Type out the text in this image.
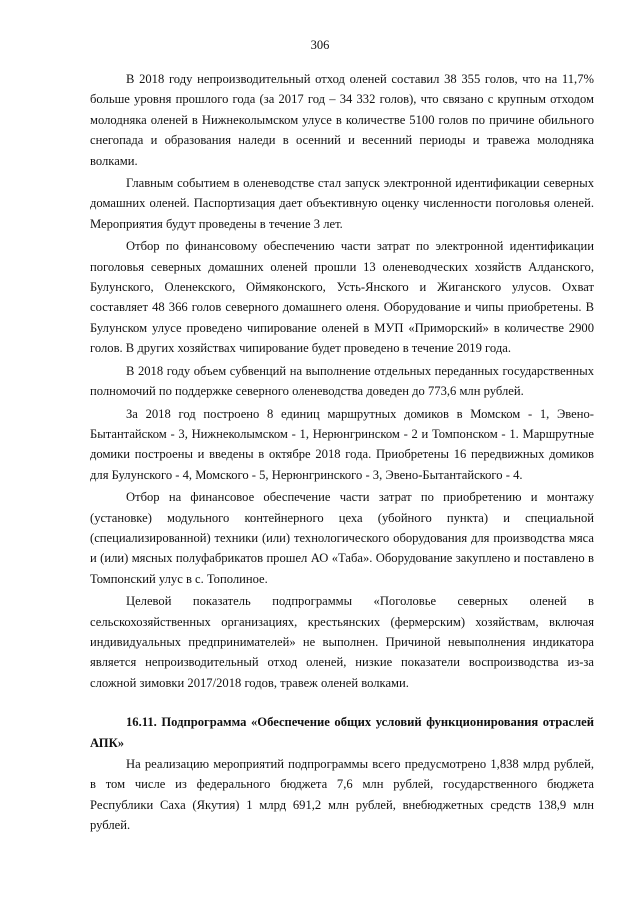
306

В 2018 году непроизводительный отход оленей составил 38 355 голов, что на 11,7% больше уровня прошлого года (за 2017 год – 34 332 голов), что связано с крупным отходом молодняка оленей в Нижнеколымском улусе в количестве 5100 голов по причине обильного снегопада и образования наледи в осенний и весенний периоды и травежа молодняка волками.

Главным событием в оленеводстве стал запуск электронной идентификации северных домашних оленей. Паспортизация дает объективную оценку численности поголовья оленей. Мероприятия будут проведены в течение 3 лет.

Отбор по финансовому обеспечению части затрат по электронной идентификации поголовья северных домашних оленей прошли 13 оленеводческих хозяйств Алданского, Булунского, Оленекского, Оймяконского, Усть-Янского и Жиганского улусов. Охват составляет 48 366 голов северного домашнего оленя. Оборудование и чипы приобретены. В Булунском улусе проведено чипирование оленей в МУП «Приморский» в количестве 2900 голов. В других хозяйствах чипирование будет проведено в течение 2019 года.

В 2018 году объем субвенций на выполнение отдельных переданных государственных полномочий по поддержке северного оленеводства доведен до 773,6 млн рублей.

За 2018 год построено 8 единиц маршрутных домиков в Момском - 1, Эвено-Бытантайском - 3, Нижнеколымском - 1, Нерюнгринском - 2 и Томпонском - 1. Маршрутные домики построены и введены в октябре 2018 года. Приобретены 16 передвижных домиков для Булунского - 4, Момского - 5, Нерюнгринского - 3, Эвено-Бытантайского - 4.

Отбор на финансовое обеспечение части затрат по приобретению и монтажу (установке) модульного контейнерного цеха (убойного пункта) и специальной (специализированной) техники (или) технологического оборудования для производства мяса и (или) мясных полуфабрикатов прошел АО «Таба». Оборудование закуплено и поставлено в Томпонский улус в с. Тополиное.

Целевой показатель подпрограммы «Поголовье северных оленей в сельскохозяйственных организациях, крестьянских (фермерским) хозяйствам, включая индивидуальных предпринимателей» не выполнен. Причиной невыполнения индикатора является непроизводительный отход оленей, низкие показатели воспроизводства из-за сложной зимовки 2017/2018 годов, травеж оленей волками.

16.11. Подпрограмма «Обеспечение общих условий функционирования отраслей АПК»

На реализацию мероприятий подпрограммы всего предусмотрено 1,838 млрд рублей, в том числе из федерального бюджета 7,6 млн рублей, государственного бюджета Республики Саха (Якутия) 1 млрд 691,2 млн рублей, внебюджетных средств 138,9 млн рублей.
